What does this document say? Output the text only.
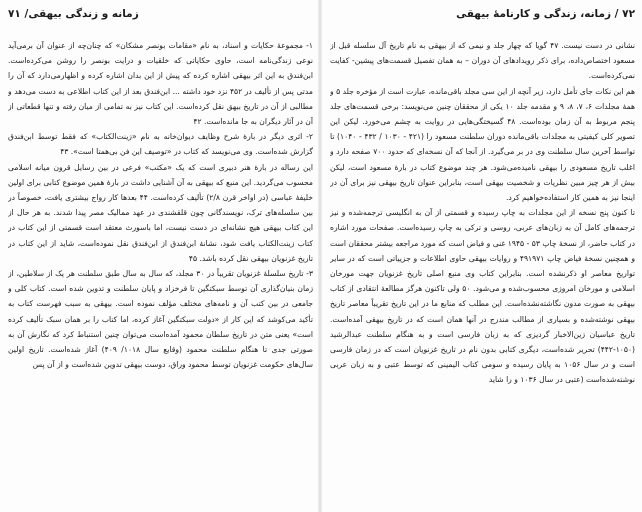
زمانه و زندگی بیهقی/ ۷۱

۱- مجموعهٔ حکایات و اسناد، به نام «مقامات بونصر مشکان» که چنان‌چه از عنوان آن برمی‌آید نوعی زندگی‌نامه است، حاوی حکایاتی که خلقیات و درایت بونصر را روشن می‌کرده‌است. ابن‌فندق به این اثر بیهقی اشاره کرده که پیش از این بدان اشاره کرده و اظهارمی‌دارد که آن را مدتی پس از تألیف در ۴۵۲ نزد خود داشته ... ابن‌فندق بعد از این کتاب اطلاعی به دست می‌دهد و مطالبی از آن در تاریخ بیهق نقل کرده‌است. این کتاب نیز به تمامی از میان رفته و تنها قطعاتی از آن در آثار دیگران به جا مانده‌است. ۴۲

۲- اثری دیگر در بارهٔ شرح وظایف دیوان‌خانه به نام «زینت‌الکتاب» که فقط توسط ابن‌فندق گزارش شده‌است. وی می‌نویسد که کتاب در «توصیف این فن بی‌همتا است». ۴۳

این رساله در بارهٔ هنر دبیری است که یک «مکتب» فرعی در بین رسایل قرون میانه اسلامی محسوب می‌گردید. این منبع که بیهقی به آن آشنایی داشت در بارهٔ همین موضوع کتابی برای اولین خلیفهٔ عباسی (در اواخر قرن ۲/۸) تألیف کرده‌است. ۴۴ بعدها کار رواج بیشتری یافت، خصوصاً در بین سلسله‌های ترک، نویسندگانی چون قلقشندی در عهد ممالیک مصر پیدا شدند. به هر حال از این کتاب بیهقی هیچ نشانه‌ای در دست نیست، اما باسورث معتقد است قسمتی از این کتاب در کتاب زینت‌الکتاب یافت شود، نشانهٔ ابن‌فندق از ابن‌فندق نقل نموده‌است، شاید از این کتاب در تاریخ غزنویان بیهقی نقل کرده باشد. ۴۵

۳- تاریخ سلسلهٔ غزنویان تقریباً در ۳۰ مجلد، که سال به سال طبق سلطنت هر یک از سلاطین، از زمان بنیان‌گذاری آن توسط سبکتگین تا فرخزاد و پایان سلطنت و تدوین شده است. کتاب کلی و جامعی در بین کتب آن و نامه‌های مختلف مؤلف نموده است. بیهقی به سبب فهرست کتاب به تأکید می‌کوشد که این کار از «دولت سبکتگین آغاز کرده، اما کتاب را بر همان سبک تألیف کرده است» یعنی متن در تاریخ سلطان محمود آمده‌است می‌توان چنین استنباط کرد که نگارش آن به صورتی جدی تا هنگام سلطنت محمود (وقایع سال ۱۰۱۸/ ۴۰۹) آغاز شده‌است. تاریخ اولین سال‌های حکومت غزنویان توسط محمود وراق، دوست بیهقی تدوین شده‌است و از آن پس

۷۲ / زمانه، زندگی و کارنامهٔ بیهقی

نشانی در دست نیست. ۴۷ گویا که چهار جلد و نیمی که از بیهقی به نام تاریخ آل سلسله قبل از مسعود اختصاص‌داده، برای ذکر رویدادهای آن دوران – به همان تفصیل قسمت‌های پیشین- کفایت نمی‌کرده‌است.

هم این نکات جای تأمل دارد، زیر آنچه از این سی مجلد باقی‌مانده، عبارت است از مؤخره جلد ۵ و همهٔ مجلدات ۶، ۷، ۸، ۹ و مقدمه جلد ۱۰ یکی از محققان چنین می‌نویسد: برخی قسمت‌های جلد پنجم مربوط به آن زمان بوده‌است. ۴۸ گسیختگی‌هایی در روایت به چشم می‌خورد. لیکن این تصویر کلی کیفیتی به مجلدات باقی‌مانده دوران سلطنت مسعود را (۴۲۱ - ۱۰۳۰ / ۴۳۲ - ۱۰۴۰) تا تواسط آخرین سال سلطنت وی در بر می‌گیرد. از آنجا که آن نسخه‌ای که حدود ۷۰۰ صفحه دارد و اغلب تاریخ مسعودی را بیهقی نامیده‌می‌شود. هر چند موضوع کتاب در بارهٔ مسعود است، لیکن بیش از هر چیز مبین نظریات و شخصیت بیهقی است، بنابراین عنوان تاریخ بیهقی نیز برای آن در اینجا نیز به همین کار استفاده‌خواهیم کرد.

تا کنون پنج نسخه از این مجلدات به چاپ رسیده و قسمتی از آن به انگلیسی ترجمه‌شده و نیز ترجمه‌های کامل آن به زبان‌های عربی، روسی و ترکی به چاپ رسیده‌است. صفحات مورد اشاره در کتاب حاضر، از نسخهٔ چاپ ۵۳ - ۱۹۴۵ غنی و فیاض است که مورد مراجعه بیشتر محققان است و همچنین نسخهٔ فیاض چاپ ۴۹۱۹۷۱ و روایات بیهقی حاوی اطلاعات و جزییاتی است که در سایر تواریخ معاصر او ذکرنشده است. بنابراین کتاب وی منبع اصلی تاریخ غزنویان جهت مورخان اسلامی و مورخان امروزی محسوب‌شده و می‌شود. ۵۰ ولی تاکنون هرگز مطالعهٔ انتقادی از کتاب بیهقی به صورت مدون نگاشته‌نشده‌است. این مطلب که منابع ما در این تاریخ تقریباً معاصر تاریخ بیهقی نوشته‌شده و بسیاری از مطالب مندرج در آنها همان است که در تاریخ بیهقی آمده‌است. تاریخ عباسیان زین‌الاخبار گردیزی که به زبان فارسی است و به هنگام سلطنت عبدالرشید (۱۰۵۰-۴۴۲) تحریر شده‌است، دیگری کتابی بدون نام در تاریخ غزنویان است که در زمان فارسی است و در سال ۱۰۵۶ به پایان رسیده و سومی کتاب الیمینی که توسط عتبی و به زبان عربی نوشته‌شده‌است (عتبی در سال ۱۰۳۶ و را شاید
